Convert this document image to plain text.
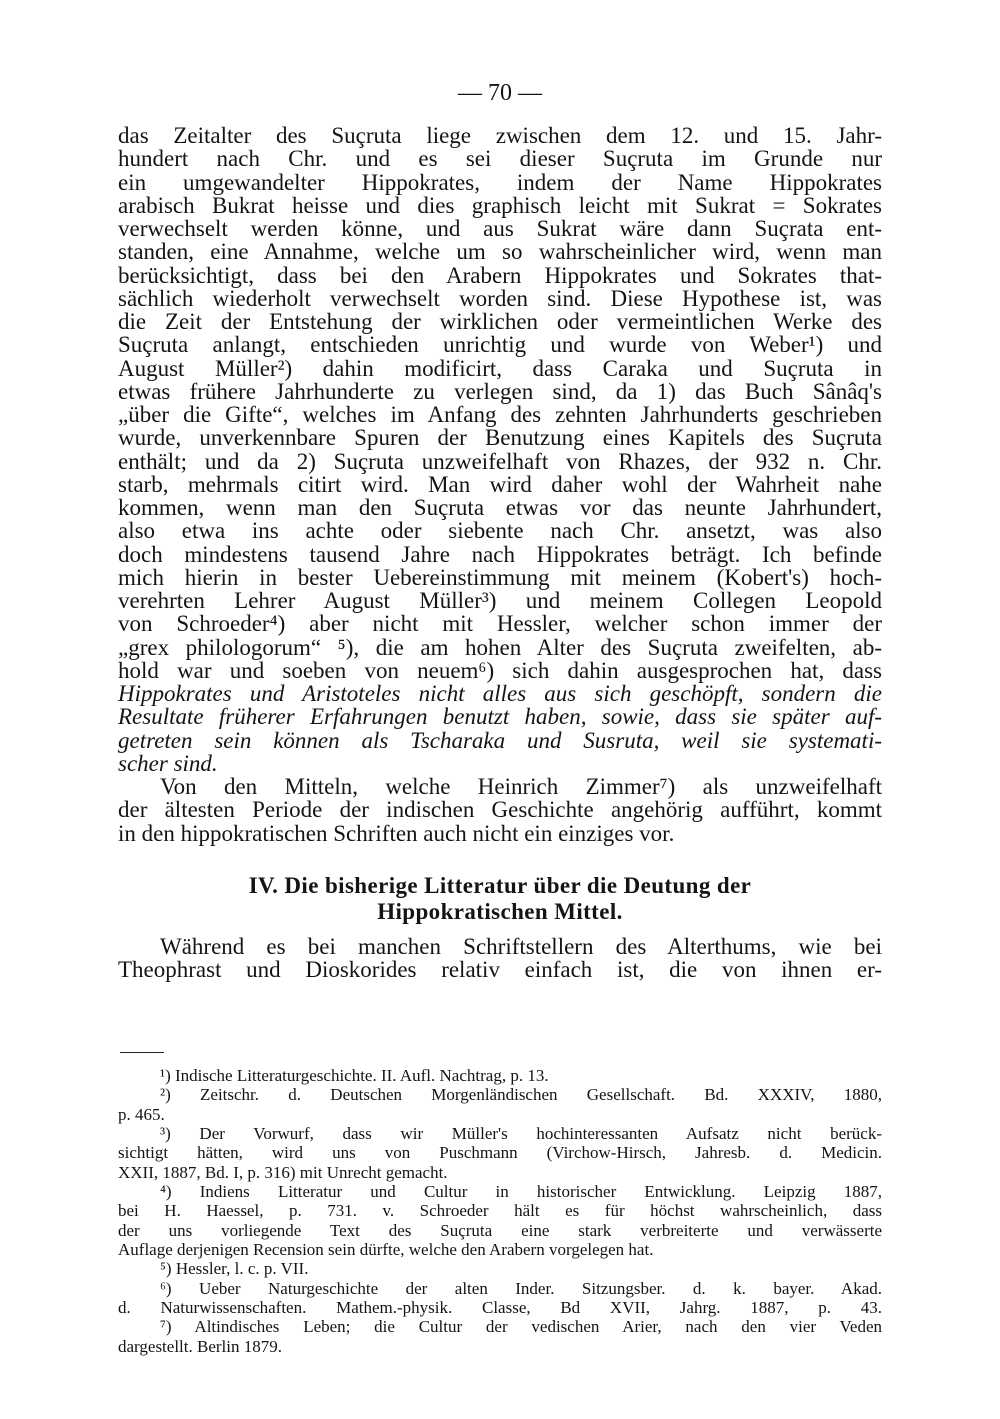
— 70 —
das Zeitalter des Suçruta liege zwischen dem 12. und 15. Jahr-
hundert nach Chr. und es sei dieser Suçruta im Grunde nur
ein umgewandelter Hippokrates, indem der Name Hippokrates
arabisch Bukrat heisse und dies graphisch leicht mit Sukrat = Sokrates
verwechselt werden könne, und aus Sukrat wäre dann Suçrata ent-
standen, eine Annahme, welche um so wahrscheinlicher wird, wenn man
berücksichtigt, dass bei den Arabern Hippokrates und Sokrates that-
sächlich wiederholt verwechselt worden sind. Diese Hypothese ist, was
die Zeit der Entstehung der wirklichen oder vermeintlichen Werke des
Suçruta anlangt, entschieden unrichtig und wurde von Weber¹) und
August Müller²) dahin modificirt, dass Caraka und Suçruta in
etwas frühere Jahrhunderte zu verlegen sind, da 1) das Buch Sânâq's
„über die Gifte“, welches im Anfang des zehnten Jahrhunderts geschrieben
wurde, unverkennbare Spuren der Benutzung eines Kapitels des Suçruta
enthält; und da 2) Suçruta unzweifelhaft von Rhazes, der 932 n. Chr.
starb, mehrmals citirt wird. Man wird daher wohl der Wahrheit nahe
kommen, wenn man den Suçruta etwas vor das neunte Jahrhundert,
also etwa ins achte oder siebente nach Chr. ansetzt, was also
doch mindestens tausend Jahre nach Hippokrates beträgt. Ich befinde
mich hierin in bester Uebereinstimmung mit meinem (Kobert's) hoch-
verehrten Lehrer August Müller³) und meinem Collegen Leopold
von Schroeder⁴) aber nicht mit Hessler, welcher schon immer der
„grex philologorum“ ⁵), die am hohen Alter des Suçruta zweifelten, ab-
hold war und soeben von neuem⁶) sich dahin ausgesprochen hat, dass
Hippokrates und Aristoteles nicht alles aus sich geschöpft, sondern die
Resultate früherer Erfahrungen benutzt haben, sowie, dass sie später auf-
getreten sein können als Tscharaka und Susruta, weil sie systemati-
scher sind.
Von den Mitteln, welche Heinrich Zimmer⁷) als unzweifelhaft
der ältesten Periode der indischen Geschichte angehörig aufführt, kommt
in den hippokratischen Schriften auch nicht ein einziges vor.
IV. Die bisherige Litteratur über die Deutung der
Hippokratischen Mittel.
Während es bei manchen Schriftstellern des Alterthums, wie bei
Theophrast und Dioskorides relativ einfach ist, die von ihnen er-
¹) Indische Litteraturgeschichte. II. Aufl. Nachtrag, p. 13.
²) Zeitschr. d. Deutschen Morgenländischen Gesellschaft. Bd. XXXIV, 1880,
p. 465.
³) Der Vorwurf, dass wir Müller's hochinteressanten Aufsatz nicht berück-
sichtigt hätten, wird uns von Puschmann (Virchow-Hirsch, Jahresb. d. Medicin.
XXII, 1887, Bd. I, p. 316) mit Unrecht gemacht.
⁴) Indiens Litteratur und Cultur in historischer Entwicklung. Leipzig 1887,
bei H. Haessel, p. 731. v. Schroeder hält es für höchst wahrscheinlich, dass
der uns vorliegende Text des Suçruta eine stark verbreiterte und verwässerte
Auflage derjenigen Recension sein dürfte, welche den Arabern vorgelegen hat.
⁵) Hessler, l. c. p. VII.
⁶) Ueber Naturgeschichte der alten Inder. Sitzungsber. d. k. bayer. Akad.
d. Naturwissenschaften. Mathem.-physik. Classe, Bd XVII, Jahrg. 1887, p. 43.
⁷) Altindisches Leben; die Cultur der vedischen Arier, nach den vier Veden
dargestellt. Berlin 1879.
